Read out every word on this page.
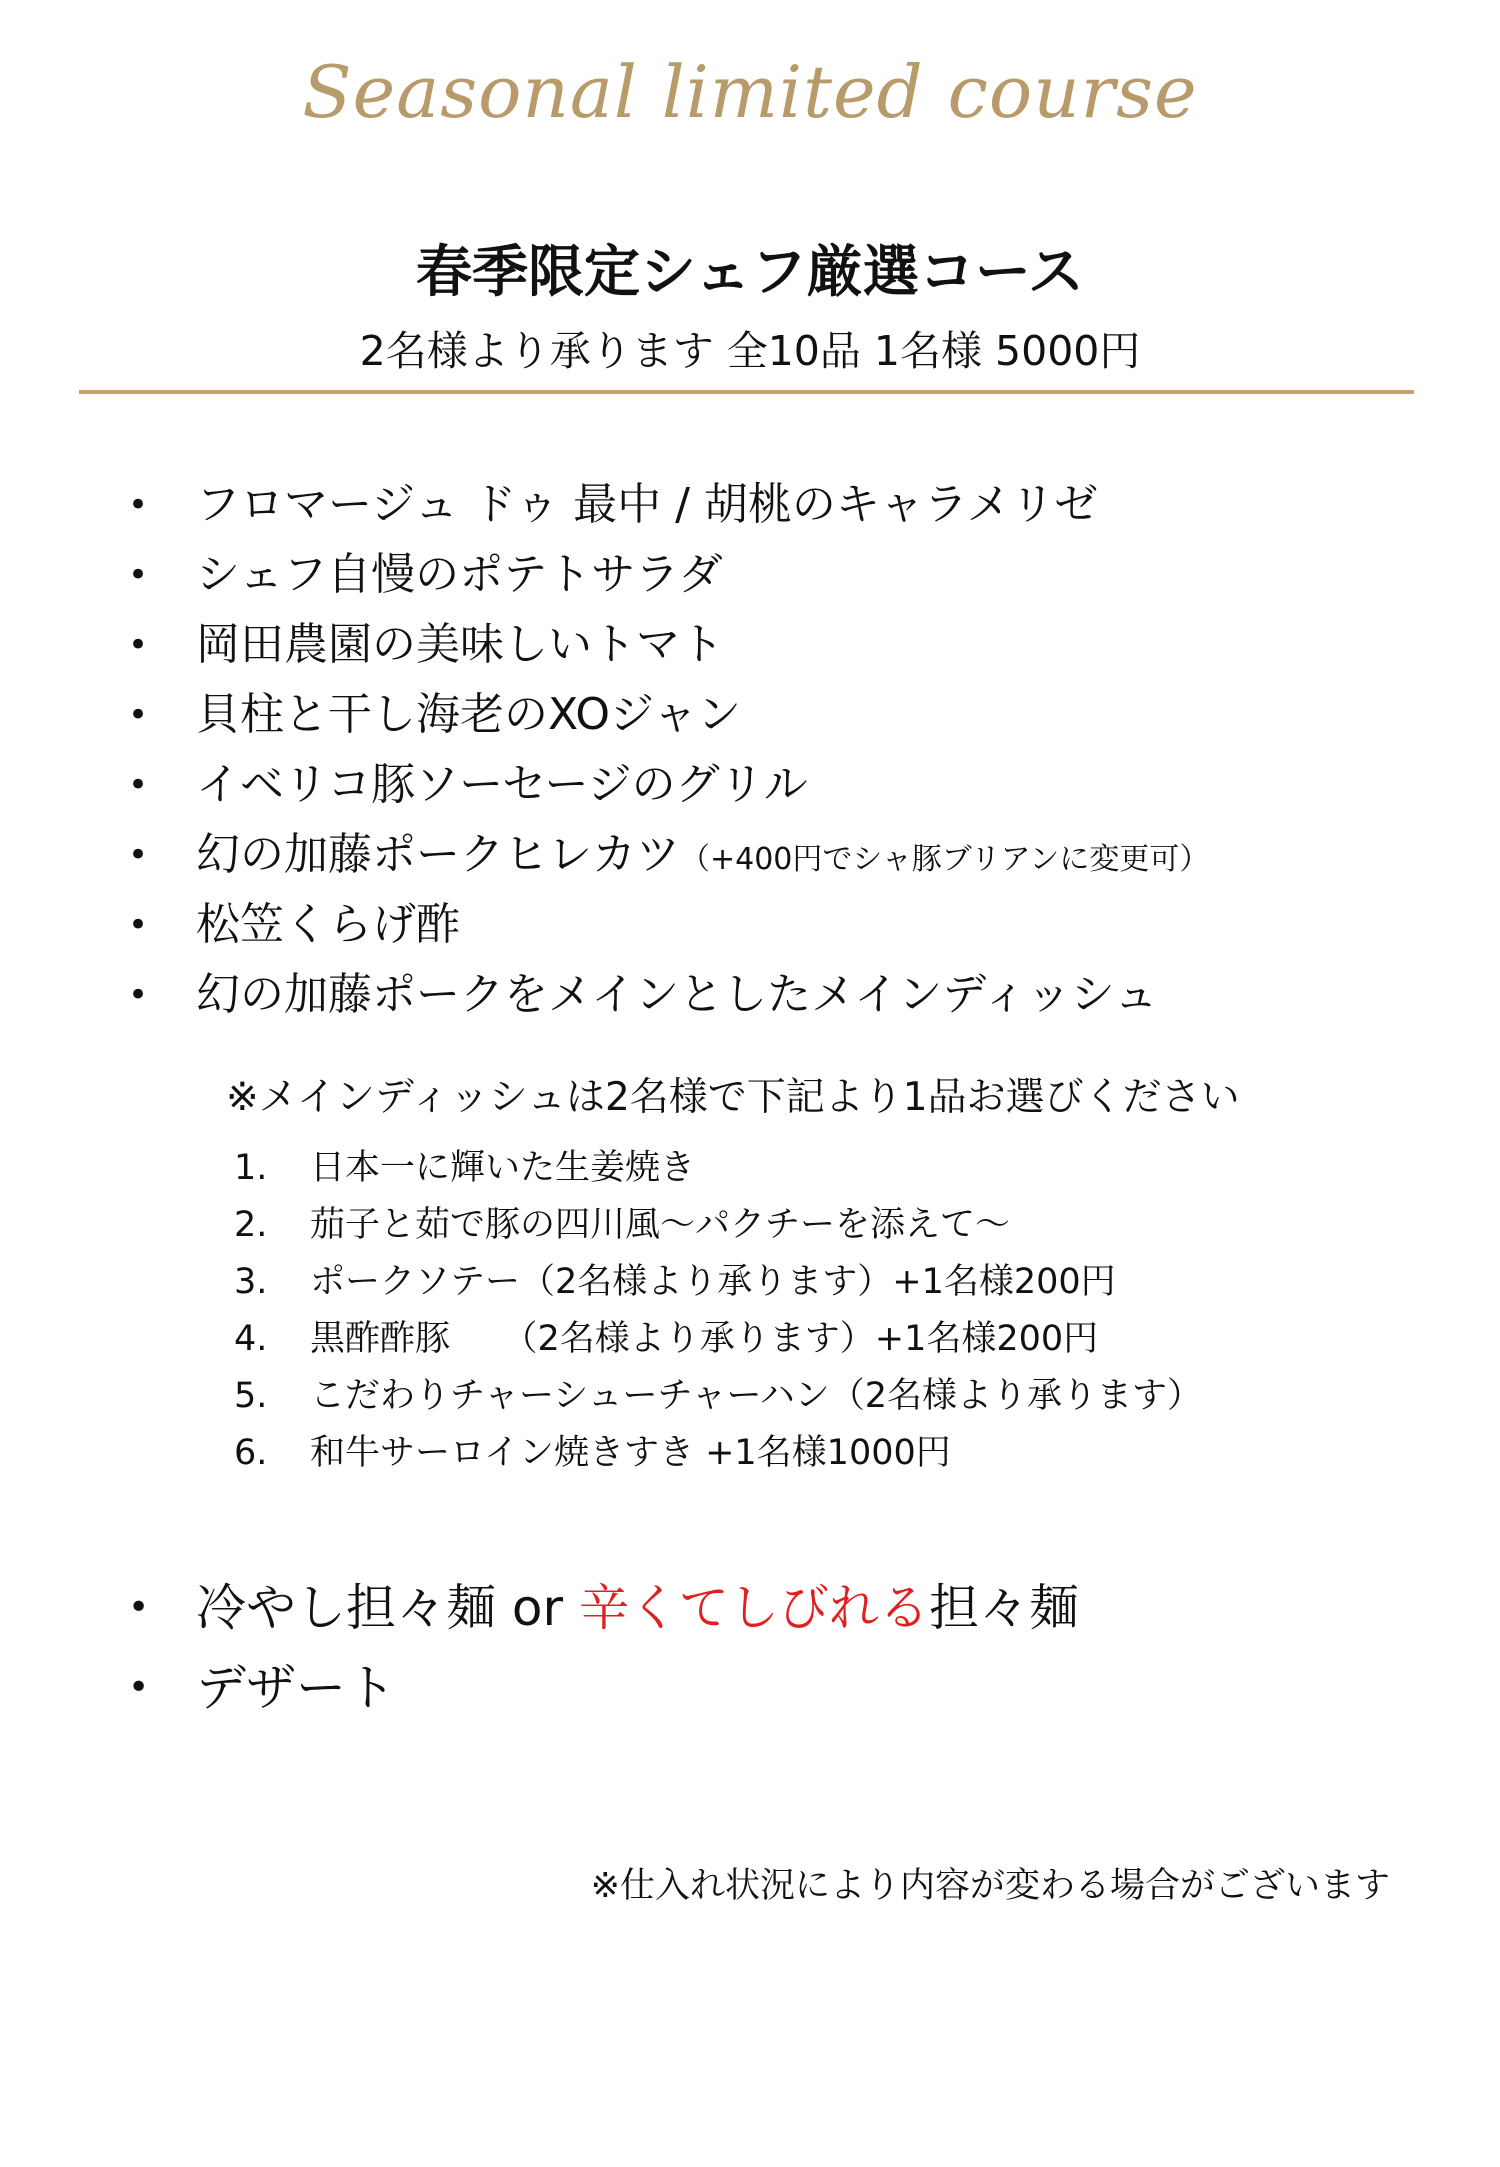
Seasonal limited course
春季限定シェフ厳選コース
2名様より承ります 全10品 1名様 5000円
• フロマージュ ドゥ 最中 / 胡桃のキャラメリゼ
• シェフ自慢のポテトサラダ
• 岡田農園の美味しいトマト
• 貝柱と干し海老のXOジャン
• イベリコ豚ソーセージのグリル
• 幻の加藤ポークヒレカツ（+400円でシャ豚ブリアンに変更可）
• 松笠くらげ酢
• 幻の加藤ポークをメインとしたメインディッシュ
※メインディッシュは2名様で下記より1品お選びください
1. 日本一に輝いた生姜焼き
2. 茄子と茹で豚の四川風～パクチーを添えて～
3. ポークソテー（2名様より承ります）+1名様200円
4. 黒酢酢豚　　（2名様より承ります）+1名様200円
5. こだわりチャーシューチャーハン（2名様より承ります）
6. 和牛サーロイン焼きすき +1名様1000円
• 冷やし担々麺 or 辛くてしびれる担々麺
• デザート
※仕入れ状況により内容が変わる場合がございます
